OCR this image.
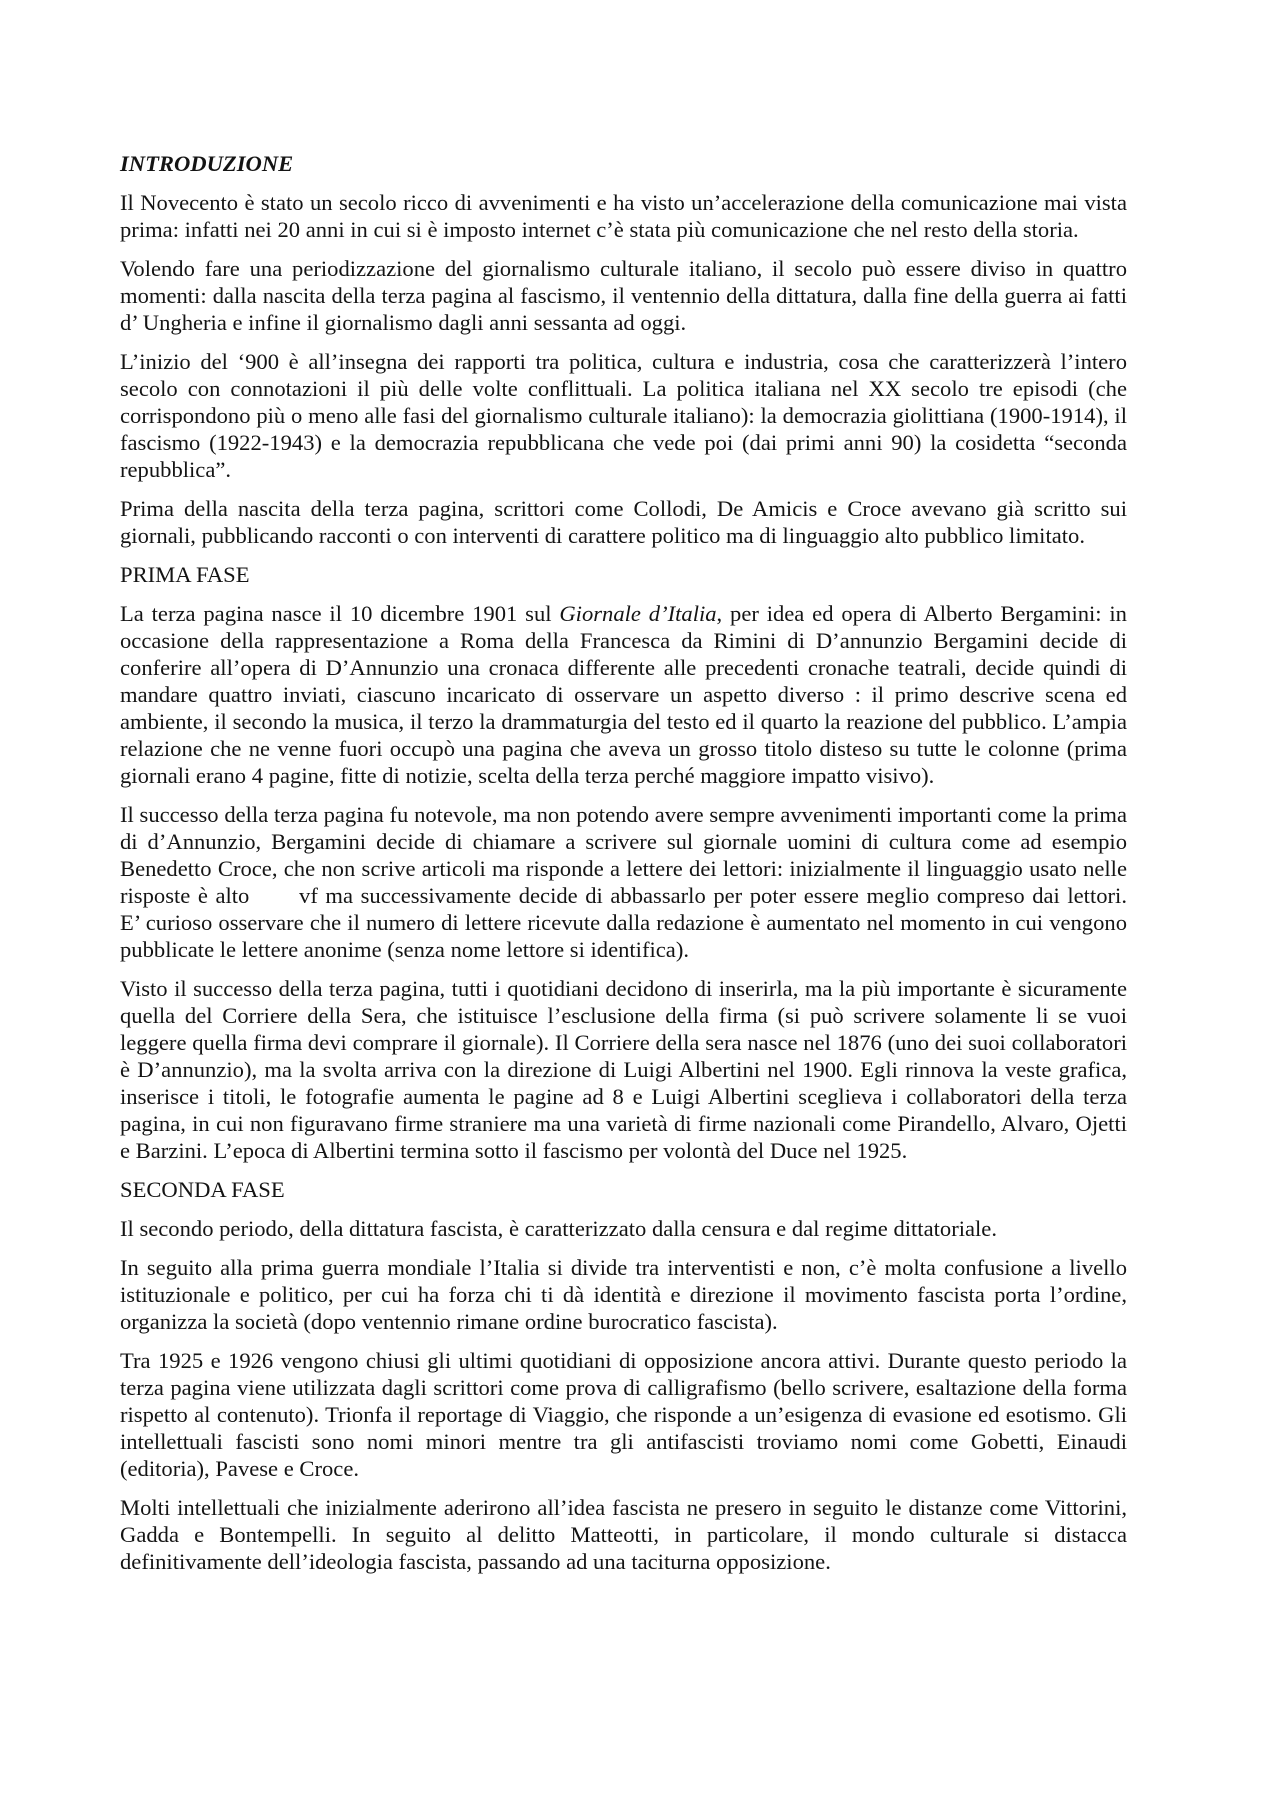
INTRODUZIONE

Il Novecento è stato un secolo ricco di avvenimenti e ha visto un’accelerazione della comunicazione mai vista prima: infatti nei 20 anni in cui si è imposto internet c’è stata più comunicazione che nel resto della storia.

Volendo fare una periodizzazione del giornalismo culturale italiano, il secolo può essere diviso in quattro momenti: dalla nascita della terza pagina al fascismo, il ventennio della dittatura, dalla fine della guerra ai fatti d’ Ungheria e infine il giornalismo dagli anni sessanta ad oggi.

L’inizio del ‘900 è all’insegna dei rapporti tra politica, cultura e industria, cosa che caratterizzerà l’intero secolo con connotazioni il più delle volte conflittuali. La politica italiana nel XX secolo tre episodi (che corrispondono più o meno alle fasi del giornalismo culturale italiano): la democrazia giolittiana (1900-1914), il fascismo (1922-1943) e la democrazia repubblicana che vede poi (dai primi anni 90) la cosidetta “seconda repubblica”.

Prima della nascita della terza pagina, scrittori come Collodi, De Amicis e Croce avevano già scritto sui giornali, pubblicando racconti o con interventi di carattere politico ma di linguaggio alto pubblico limitato.

PRIMA FASE

La terza pagina nasce il 10 dicembre 1901 sul Giornale d’Italia, per idea ed opera di Alberto Bergamini: in occasione della rappresentazione a Roma della Francesca da Rimini di D’annunzio Bergamini decide di conferire all’opera di D’Annunzio una cronaca differente alle precedenti cronache teatrali, decide quindi di mandare quattro inviati, ciascuno incaricato di osservare un aspetto diverso : il primo descrive scena ed ambiente, il secondo la musica, il terzo la drammaturgia del testo ed il quarto la reazione del pubblico. L’ampia relazione che ne venne fuori occupò una pagina che aveva un grosso titolo disteso su tutte le colonne (prima giornali erano 4 pagine, fitte di notizie, scelta della terza perché maggiore impatto visivo).

Il successo della terza pagina fu notevole, ma non potendo avere sempre avvenimenti importanti come la prima di d’Annunzio, Bergamini decide di chiamare a scrivere sul giornale uomini di cultura come ad esempio Benedetto Croce, che non scrive articoli ma risponde a lettere dei lettori: inizialmente il linguaggio usato nelle risposte è alto vf ma successivamente decide di abbassarlo per poter essere meglio compreso dai lettori. E’ curioso osservare che il numero di lettere ricevute dalla redazione è aumentato nel momento in cui vengono pubblicate le lettere anonime (senza nome lettore si identifica).

Visto il successo della terza pagina, tutti i quotidiani decidono di inserirla, ma la più importante è sicuramente quella del Corriere della Sera, che istituisce l’esclusione della firma (si può scrivere solamente li se vuoi leggere quella firma devi comprare il giornale). Il Corriere della sera nasce nel 1876 (uno dei suoi collaboratori è D’annunzio), ma la svolta arriva con la direzione di Luigi Albertini nel 1900. Egli rinnova la veste grafica, inserisce i titoli, le fotografie aumenta le pagine ad 8 e Luigi Albertini sceglieva i collaboratori della terza pagina, in cui non figuravano firme straniere ma una varietà di firme nazionali come Pirandello, Alvaro, Ojetti e Barzini. L’epoca di Albertini termina sotto il fascismo per volontà del Duce nel 1925.

SECONDA FASE

Il secondo periodo, della dittatura fascista, è caratterizzato dalla censura e dal regime dittatoriale.

In seguito alla prima guerra mondiale l’Italia si divide tra interventisti e non, c’è molta confusione a livello istituzionale e politico, per cui ha forza chi ti dà identità e direzione il movimento fascista porta l’ordine, organizza la società (dopo ventennio rimane ordine burocratico fascista).

Tra 1925 e 1926 vengono chiusi gli ultimi quotidiani di opposizione ancora attivi. Durante questo periodo la terza pagina viene utilizzata dagli scrittori come prova di calligrafismo (bello scrivere, esaltazione della forma rispetto al contenuto). Trionfa il reportage di Viaggio, che risponde a un’esigenza di evasione ed esotismo. Gli intellettuali fascisti sono nomi minori mentre tra gli antifascisti troviamo nomi come Gobetti, Einaudi (editoria), Pavese e Croce.

Molti intellettuali che inizialmente aderirono all’idea fascista ne presero in seguito le distanze come Vittorini, Gadda e Bontempelli. In seguito al delitto Matteotti, in particolare, il mondo culturale si distacca definitivamente dell’ideologia fascista, passando ad una taciturna opposizione.
